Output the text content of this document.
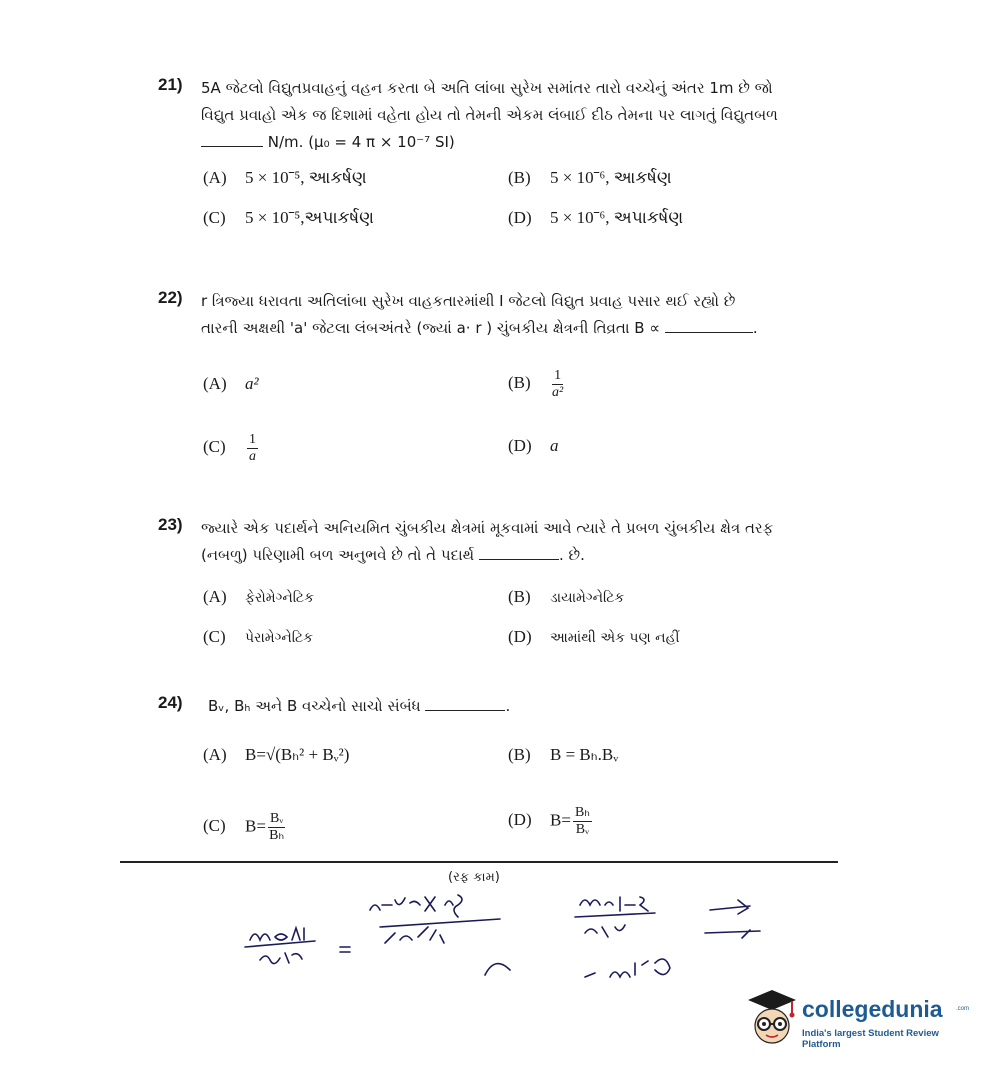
21) 5A જેટલો વિદ્યુતપ્રવાહનું વહન કરતા બે અતિ લાંબા સુરેખ સમાંતર તારો વચ્ચેનું અંતર 1m છે જો
વિદ્યુત પ્રવાહો એક જ દિશામાં વહેતા હોય તો તેમની એકમ લંબાઈ દીઠ તેમના પર લાગતું વિદ્યુતબળ
N/m. (μ₀ = 4 π × 10⁻⁷ SI)
(A) 5 × 10⁻⁵, આકર્ષણ	(B) 5 × 10⁻⁶, આકર્ષણ
(C) 5 × 10⁻⁵,અપાકર્ષણ	(D) 5 × 10⁻⁶, અપાકર્ષણ
22) r ત્રિજ્યા ધરાવતા અતિલાંબા સુરેખ વાહકતારમાંથી I જેટલો વિદ્યુત પ્રવાહ પસાર થઈ રહ્યો છે
તારની અક્ષથી 'a' જેટલા લંબઅંતરે (જ્યાં a· r ) ચુંબકીય ક્ષેત્રની તિવ્રતા B ∝	.
(A) a²	$(B) \frac{1}{\text{a²}}$
$(C) \frac{1}{a}$	(D) a
23) જ્યારે એક પદાર્થને અનિયમિત ચુંબકીય ક્ષેત્રમાં મૂકવામાં આવે ત્યારે તે પ્રબળ ચુંબકીય ક્ષેત્ર તરફ
(નબળુ) પરિણામી બળ અનુભવે છે તો તે પદાર્થ	. છે.
(A) ફેરોમેગ્નેટિક	(B) ડાયામેગ્નેટિક
(C) પેરામેગ્નેટિક	(D) આમાંથી એક પણ નહીં
24) Bᵥ, Bₕ અને B વચ્ચેનો સાચો સંબંધ	.
(A) B=√(Bₕ² + Bᵥ²)	(B) B = Bₕ.Bᵥ
(C) $B= \frac{\text{Bᵥ}}{\text{Bₕ}}$	(D) $B= \frac{\text{Bₕ}}{\text{Bᵥ}}$
(રફ કામ)
collegedunia .com
India's largest Student Review Platform
